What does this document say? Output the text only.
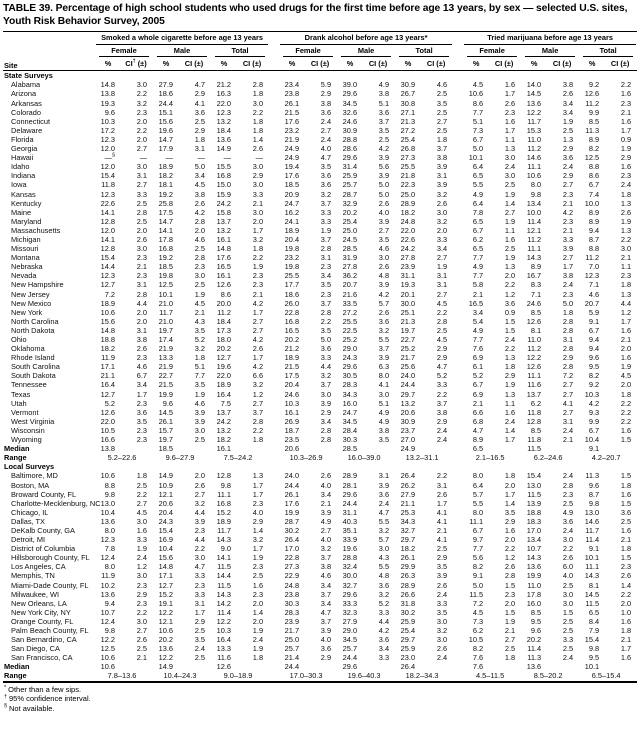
TABLE 39. Percentage of high school students who used drugs for the first time before age 13 years, by sex — selected U.S. sites, Youth Risk Behavior Survey, 2005
Site	Smoked a whole cigarette before age 13 years							Drank alcohol before age 13 years*							Tried marijuana before age 13 years					

	Female		Male		Total			Female		Male		Total			Female		Male		Total	

	%	CI† (±)	%	CI (±)	%	CI (±)		%	CI (±)	%	CI (±)	%	CI (±)		%	CI (±)	%	CI (±)	%	CI (±)
State Surveys																				
Alabama	14.8	3.0	27.9	4.7	21.2	2.8		23.4	5.9	39.0	4.9	30.9	4.6		4.5	1.6	14.0	3.8	9.2	2.2
Arizona	13.8	2.2	18.6	2.9	16.3	1.8		23.8	2.9	29.6	3.8	26.7	2.5		10.6	1.7	14.5	2.6	12.6	1.6
Arkansas	19.3	3.2	24.4	4.1	22.0	3.0		26.1	3.8	34.5	5.1	30.8	3.5		8.6	2.6	13.6	3.4	11.2	2.3
Colorado	9.6	2.3	15.1	3.6	12.3	2.2		21.5	3.6	32.6	3.6	27.1	2.5		7.7	2.3	12.2	3.4	9.9	2.1
Connecticut	10.3	2.0	15.6	2.5	13.2	1.8		17.6	2.4	24.6	3.7	21.3	2.7		5.1	1.6	11.7	1.9	8.5	1.6
Delaware	17.2	2.2	19.6	2.9	18.4	1.8		23.2	2.7	30.9	3.5	27.2	2.5		7.3	1.7	15.3	2.5	11.3	1.7
Florida	12.3	2.0	14.7	1.8	13.6	1.4		21.9	2.4	28.8	2.5	25.4	1.8		6.7	1.1	11.0	1.3	8.9	0.9
Georgia	12.0	2.7	17.9	3.1	14.9	2.6		24.9	4.0	28.6	4.2	26.8	3.7		5.0	1.3	11.2	2.9	8.2	1.9
Hawaii	—§	—	—	—	—	—		24.9	4.7	29.6	3.9	27.3	3.8		10.1	3.0	14.6	3.6	12.5	2.9
Idaho	12.0	3.0	18.9	5.0	15.5	3.0		19.4	3.5	31.4	5.6	25.5	3.9		6.4	2.4	11.1	2.4	8.8	1.6
Indiana	15.4	3.1	18.2	3.4	16.8	2.9		17.6	3.6	25.9	3.9	21.8	3.1		6.5	3.0	10.6	2.9	8.6	2.3
Iowa	11.8	2.7	18.1	4.5	15.0	3.0		18.5	3.6	25.7	5.0	22.3	3.9		5.5	2.5	8.0	2.7	6.7	2.4
Kansas	12.3	3.3	19.2	3.8	15.9	3.3		20.9	3.2	28.7	5.0	25.0	3.2		4.9	1.9	9.8	2.3	7.4	1.8
Kentucky	22.6	2.5	25.8	2.6	24.2	2.1		24.7	3.7	32.9	2.6	28.9	2.6		6.4	1.4	13.4	2.1	10.0	1.3
Maine	14.1	2.8	17.5	4.2	15.8	3.0		16.2	3.3	20.2	4.0	18.2	3.0		7.8	2.7	10.0	4.2	8.9	2.6
Maryland	12.8	2.5	14.7	2.8	13.7	2.0		24.1	3.3	25.4	3.9	24.8	3.2		6.5	1.9	11.4	2.3	8.9	1.9
Massachusetts	12.0	2.0	14.1	2.0	13.2	1.7		18.9	1.9	25.0	2.7	22.0	2.0		6.7	1.1	12.1	2.1	9.4	1.3
Michigan	14.1	2.6	17.8	4.6	16.1	3.2		20.4	3.7	24.5	3.5	22.6	3.3		6.2	1.6	11.2	3.3	8.7	2.2
Missouri	12.8	3.0	16.8	2.5	14.8	1.8		19.8	2.8	28.5	4.6	24.2	3.4		6.5	2.5	11.1	3.9	8.8	3.0
Montana	15.4	2.3	19.2	2.8	17.6	2.2		23.2	3.1	31.9	3.0	27.8	2.7		7.7	1.9	14.3	2.7	11.2	2.1
Nebraska	14.4	2.1	18.5	2.3	16.5	1.9		19.8	2.3	27.8	2.6	23.9	1.9		4.9	1.3	8.9	1.7	7.0	1.1
Nevada	12.3	2.3	19.8	3.0	16.1	2.3		25.5	3.4	36.2	4.8	31.1	3.1		7.7	2.0	16.7	3.8	12.3	2.3
New Hampshire	12.7	3.1	12.5	2.5	12.6	2.3		17.7	3.5	20.7	3.9	19.3	3.1		5.8	2.2	8.3	2.4	7.1	1.8
New Jersey	7.2	2.8	10.1	1.9	8.6	2.1		18.6	2.3	21.6	4.2	20.1	2.7		2.1	1.2	7.1	2.3	4.6	1.3
New Mexico	18.9	4.4	21.0	4.5	20.0	4.2		26.0	3.7	33.5	5.7	30.0	4.5		16.5	3.6	24.6	5.0	20.7	4.4
New York	10.6	2.0	11.7	2.1	11.2	1.7		22.8	2.8	27.2	2.6	25.1	2.2		3.4	0.9	8.5	1.8	5.9	1.2
North Carolina	15.6	2.0	21.0	4.3	18.4	2.7		16.8	2.2	25.5	3.6	21.3	2.8		5.4	1.5	12.6	2.8	9.1	1.7
North Dakota	14.8	3.1	19.7	3.5	17.3	2.7		16.5	3.5	22.5	3.2	19.7	2.5		4.9	1.5	8.1	2.8	6.7	1.6
Ohio	18.8	3.8	17.4	5.2	18.0	4.2		20.2	5.0	25.2	5.5	22.7	4.5		7.7	2.4	11.0	3.1	9.4	2.1
Oklahoma	18.2	2.6	21.9	3.2	20.2	2.6		21.2	3.6	29.0	3.7	25.2	2.9		7.6	2.2	11.2	2.8	9.4	2.0
Rhode Island	11.9	2.3	13.3	1.8	12.7	1.7		18.9	3.3	24.3	3.9	21.7	2.9		6.9	1.3	12.2	2.9	9.6	1.6
South Carolina	17.1	4.6	21.9	5.1	19.6	4.2		21.5	4.4	29.6	6.3	25.6	4.7		6.1	1.8	12.6	2.8	9.5	1.9
South Dakota	21.1	6.7	22.7	7.7	22.0	6.6		17.5	3.2	30.5	8.0	24.0	5.2		5.2	2.9	11.1	7.2	8.2	4.5
Tennessee	16.4	3.4	21.5	3.5	18.9	3.2		20.4	3.7	28.3	4.1	24.4	3.3		6.7	1.9	11.6	2.7	9.2	2.0
Texas	12.7	1.7	19.9	1.9	16.4	1.2		24.6	3.0	34.3	3.0	29.7	2.2		6.9	1.3	13.7	2.7	10.3	1.8
Utah	5.2	2.3	9.6	4.6	7.5	2.7		10.3	3.9	16.0	5.1	13.2	3.7		2.1	1.1	6.2	4.1	4.2	2.2
Vermont	12.6	3.6	14.5	3.9	13.7	3.7		16.1	2.9	24.7	4.9	20.6	3.8		6.6	1.6	11.8	2.7	9.3	2.2
West Virginia	22.0	3.5	26.1	3.9	24.2	2.8		26.9	3.4	34.5	4.9	30.9	2.9		6.8	2.4	12.8	3.1	9.9	2.2
Wisconsin	10.5	2.3	15.7	3.0	13.2	2.2		18.7	2.8	28.4	3.8	23.7	2.4		4.7	1.4	8.5	2.4	6.7	1.6
Wyoming	16.6	2.3	19.7	2.5	18.2	1.8		23.5	2.8	30.3	3.5	27.0	2.4		8.9	1.7	11.8	2.1	10.4	1.5
Median	13.8		18.5		16.1			20.6		28.5		24.9			6.5		11.5		9.1	
Range	5.2–22.6		9.6–27.9		7.5–24.2			10.3–26.9		16.0–39.0		13.2–31.1			2.1–16.5		6.2–24.6		4.2–20.7	
Local Surveys																				
Baltimore, MD	10.6	1.8	14.9	2.0	12.8	1.3		24.0	2.6	28.9	3.1	26.4	2.2		8.0	1.8	15.4	2.4	11.3	1.5
Boston, MA	8.8	2.5	10.9	2.6	9.8	1.7		24.4	4.0	28.1	3.9	26.2	3.1		6.4	2.0	13.0	2.8	9.6	1.8
Broward County, FL	9.8	2.2	12.1	2.7	11.1	1.7		26.1	3.4	29.6	3.6	27.9	2.6		5.7	1.7	11.5	2.3	8.7	1.6
Charlotte-Mecklenburg, NC	13.0	2.7	20.6	3.2	16.8	2.3		17.6	2.1	24.4	2.4	21.1	1.7		5.5	1.4	13.9	2.5	9.8	1.5
Chicago, IL	10.4	4.5	20.4	4.4	15.2	4.0		19.9	3.9	31.1	4.7	25.3	4.1		8.0	3.5	18.8	4.9	13.0	3.6
Dallas, TX	13.6	3.0	24.3	3.9	18.9	2.9		28.7	4.9	40.3	5.5	34.3	4.1		11.1	2.9	18.3	3.6	14.6	2.5
DeKalb County, GA	8.0	1.6	15.4	2.3	11.7	1.4		30.2	2.7	35.1	3.2	32.7	2.1		6.7	1.6	17.0	2.4	11.7	1.6
Detroit, MI	12.3	3.3	16.9	4.4	14.3	3.2		26.4	4.0	33.9	5.7	29.7	4.1		9.7	2.0	13.4	3.0	11.4	2.1
District of Columbia	7.8	1.9	10.4	2.2	9.0	1.7		17.0	3.2	19.6	3.0	18.2	2.5		7.7	2.2	10.7	2.2	9.1	1.8
Hillsborough County, FL	12.4	2.4	15.6	3.0	14.1	1.9		22.8	3.7	28.8	4.3	26.1	2.9		5.6	1.2	14.3	2.6	10.1	1.5
Los Angeles, CA	8.0	1.2	14.8	4.7	11.5	2.3		27.3	3.8	32.4	5.5	29.9	3.5		8.2	2.6	13.6	6.0	11.1	2.3
Memphis, TN	11.9	3.0	17.1	3.3	14.4	2.5		22.9	4.6	30.0	4.8	26.3	3.9		9.1	2.8	19.9	4.0	14.3	2.6
Miami-Dade County, FL	10.2	2.3	12.7	2.3	11.5	1.6		24.8	3.4	32.7	3.6	28.9	2.6		5.0	1.5	11.0	2.5	8.1	1.4
Milwaukee, WI	13.6	2.9	15.2	3.3	14.3	2.3		23.8	3.7	29.6	3.2	26.6	2.4		11.5	2.3	17.8	3.0	14.5	2.2
New Orleans, LA	9.4	2.3	19.1	3.1	14.2	2.0		30.3	3.4	33.3	5.2	31.8	3.3		7.2	2.0	16.0	3.0	11.5	2.0
New York City, NY	10.7	2.2	12.2	1.7	11.4	1.4		28.3	4.7	32.3	3.3	30.2	3.5		4.5	1.5	8.5	1.5	6.5	1.0
Orange County, FL	12.4	3.0	12.1	2.9	12.2	2.0		23.9	3.7	27.9	4.4	25.9	3.0		7.3	1.9	9.5	2.5	8.4	1.6
Palm Beach County, FL	9.8	2.7	10.6	2.5	10.3	1.9		21.7	3.9	29.0	4.2	25.4	3.2		6.2	2.1	9.6	2.5	7.9	1.8
San Bernardino, CA	12.2	2.6	20.2	3.5	16.4	2.4		25.0	4.0	34.5	3.6	29.7	3.0		10.5	2.7	20.2	3.3	15.4	2.1
San Diego, CA	12.5	2.5	13.6	2.4	13.3	1.9		25.7	3.6	25.7	3.4	25.9	2.6		8.2	2.5	11.4	2.5	9.8	1.7
San Francisco, CA	10.6	2.1	12.2	2.5	11.6	1.8		21.4	2.9	24.4	3.3	23.0	2.4		7.6	1.8	11.3	2.4	9.5	1.6
Median	10.6		14.9		12.6			24.4		29.6		26.4			7.6		13.6		10.1	
Range	7.8–13.6		10.4–24.3		9.0–18.9			17.0–30.3		19.6–40.3		18.2–34.3			4.5–11.5		8.5–20.2		6.5–15.4	
* Other than a few sips.
† 95% confidence interval.
§ Not available.
